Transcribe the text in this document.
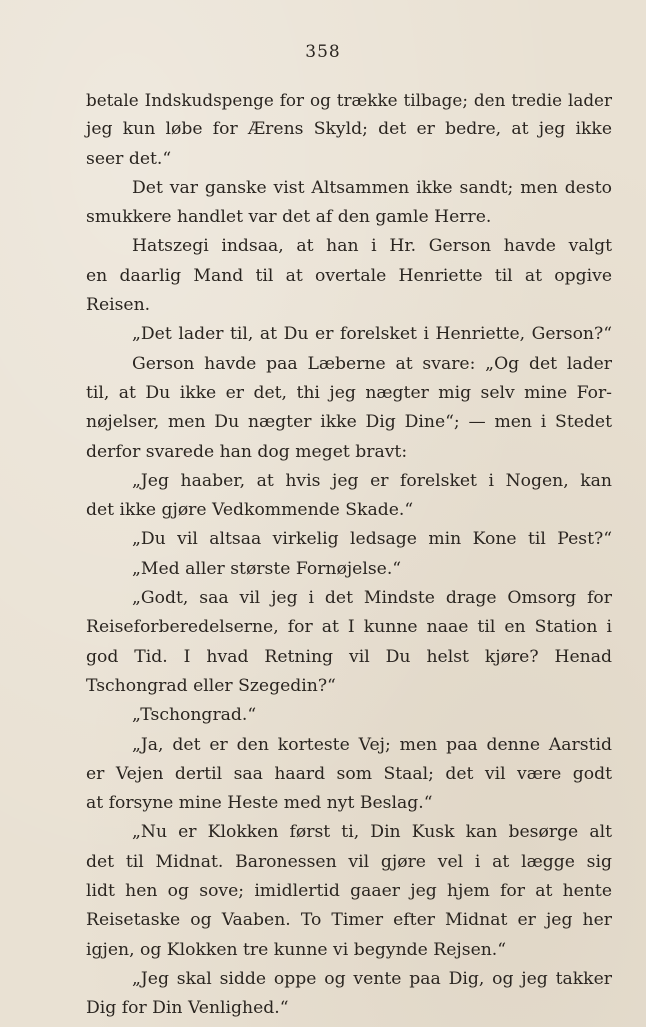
358
betale Indskudspenge for og trække tilbage; den tredie lader
jeg kun løbe for Ærens Skyld; det er bedre, at jeg ikke
seer det.“
Det var ganske vist Altsammen ikke sandt; men desto
smukkere handlet var det af den gamle Herre.
Hatszegi indsaa, at han i Hr. Gerson havde valgt
en daarlig Mand til at overtale Henriette til at opgive
Reisen.
„Det lader til, at Du er forelsket i Henriette, Gerson?“
Gerson havde paa Læberne at svare: „Og det lader
til, at Du ikke er det, thi jeg nægter mig selv mine For-
nøjelser, men Du nægter ikke Dig Dine“; — men i Stedet
derfor svarede han dog meget bravt:
„Jeg haaber, at hvis jeg er forelsket i Nogen, kan
det ikke gjøre Vedkommende Skade.“
„Du vil altsaa virkelig ledsage min Kone til Pest?“
„Med aller største Fornøjelse.“
„Godt, saa vil jeg i det Mindste drage Omsorg for
Reiseforberedelserne, for at I kunne naae til en Station i
god Tid. I hvad Retning vil Du helst kjøre? Henad
Tschongrad eller Szegedin?“
„Tschongrad.“
„Ja, det er den korteste Vej; men paa denne Aarstid
er Vejen dertil saa haard som Staal; det vil være godt
at forsyne mine Heste med nyt Beslag.“
„Nu er Klokken først ti, Din Kusk kan besørge alt
det til Midnat. Baronessen vil gjøre vel i at lægge sig
lidt hen og sove; imidlertid gaaer jeg hjem for at hente
Reisetaske og Vaaben. To Timer efter Midnat er jeg her
igjen, og Klokken tre kunne vi begynde Rejsen.“
„Jeg skal sidde oppe og vente paa Dig, og jeg takker
Dig for Din Venlighed.“
